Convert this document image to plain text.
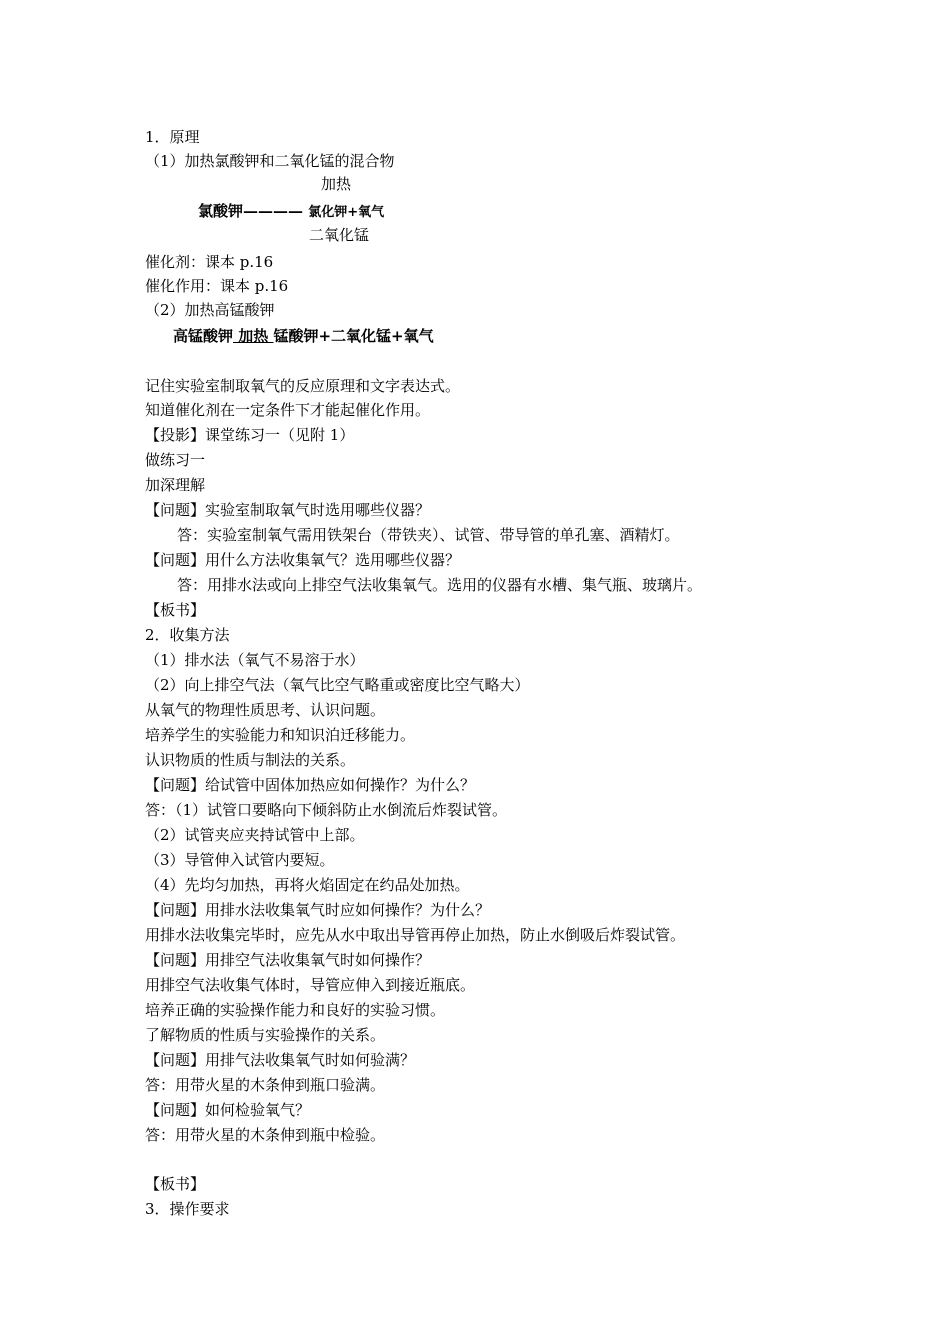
1．原理
（1）加热氯酸钾和二氧化锰的混合物
加热
氯酸钾———— 氯化钾+氧气
二氧化锰
催化剂：课本 p.16
催化作用：课本 p.16
（2）加热高锰酸钾
高锰酸钾 加热 锰酸钾+二氧化锰+氧气
记住实验室制取氧气的反应原理和文字表达式。
知道催化剂在一定条件下才能起催化作用。
【投影】课堂练习一（见附 1）
做练习一
加深理解
【问题】实验室制取氧气时选用哪些仪器？
答：实验室制氧气需用铁架台（带铁夹）、试管、带导管的单孔塞、酒精灯。
【问题】用什么方法收集氧气？选用哪些仪器？
答：用排水法或向上排空气法收集氧气。选用的仪器有水槽、集气瓶、玻璃片。
【板书】
2．收集方法
（1）排水法（氧气不易溶于水）
（2）向上排空气法（氧气比空气略重或密度比空气略大）
从氧气的物理性质思考、认识问题。
培养学生的实验能力和知识泊迁移能力。
认识物质的性质与制法的关系。
【问题】给试管中固体加热应如何操作？为什么？
答：（1）试管口要略向下倾斜防止水倒流后炸裂试管。
（2）试管夹应夹持试管中上部。
（3）导管伸入试管内要短。
（4）先均匀加热，再将火焰固定在约品处加热。
【问题】用排水法收集氧气时应如何操作？为什么？
用排水法收集完毕时，应先从水中取出导管再停止加热，防止水倒吸后炸裂试管。
【问题】用排空气法收集氧气时如何操作？
用排空气法收集气体时，导管应伸入到接近瓶底。
培养正确的实验操作能力和良好的实验习惯。
了解物质的性质与实验操作的关系。
【问题】用排气法收集氧气时如何验满？
答：用带火星的木条伸到瓶口验满。
【问题】如何检验氧气？
答：用带火星的木条伸到瓶中检验。
【板书】
3．操作要求
